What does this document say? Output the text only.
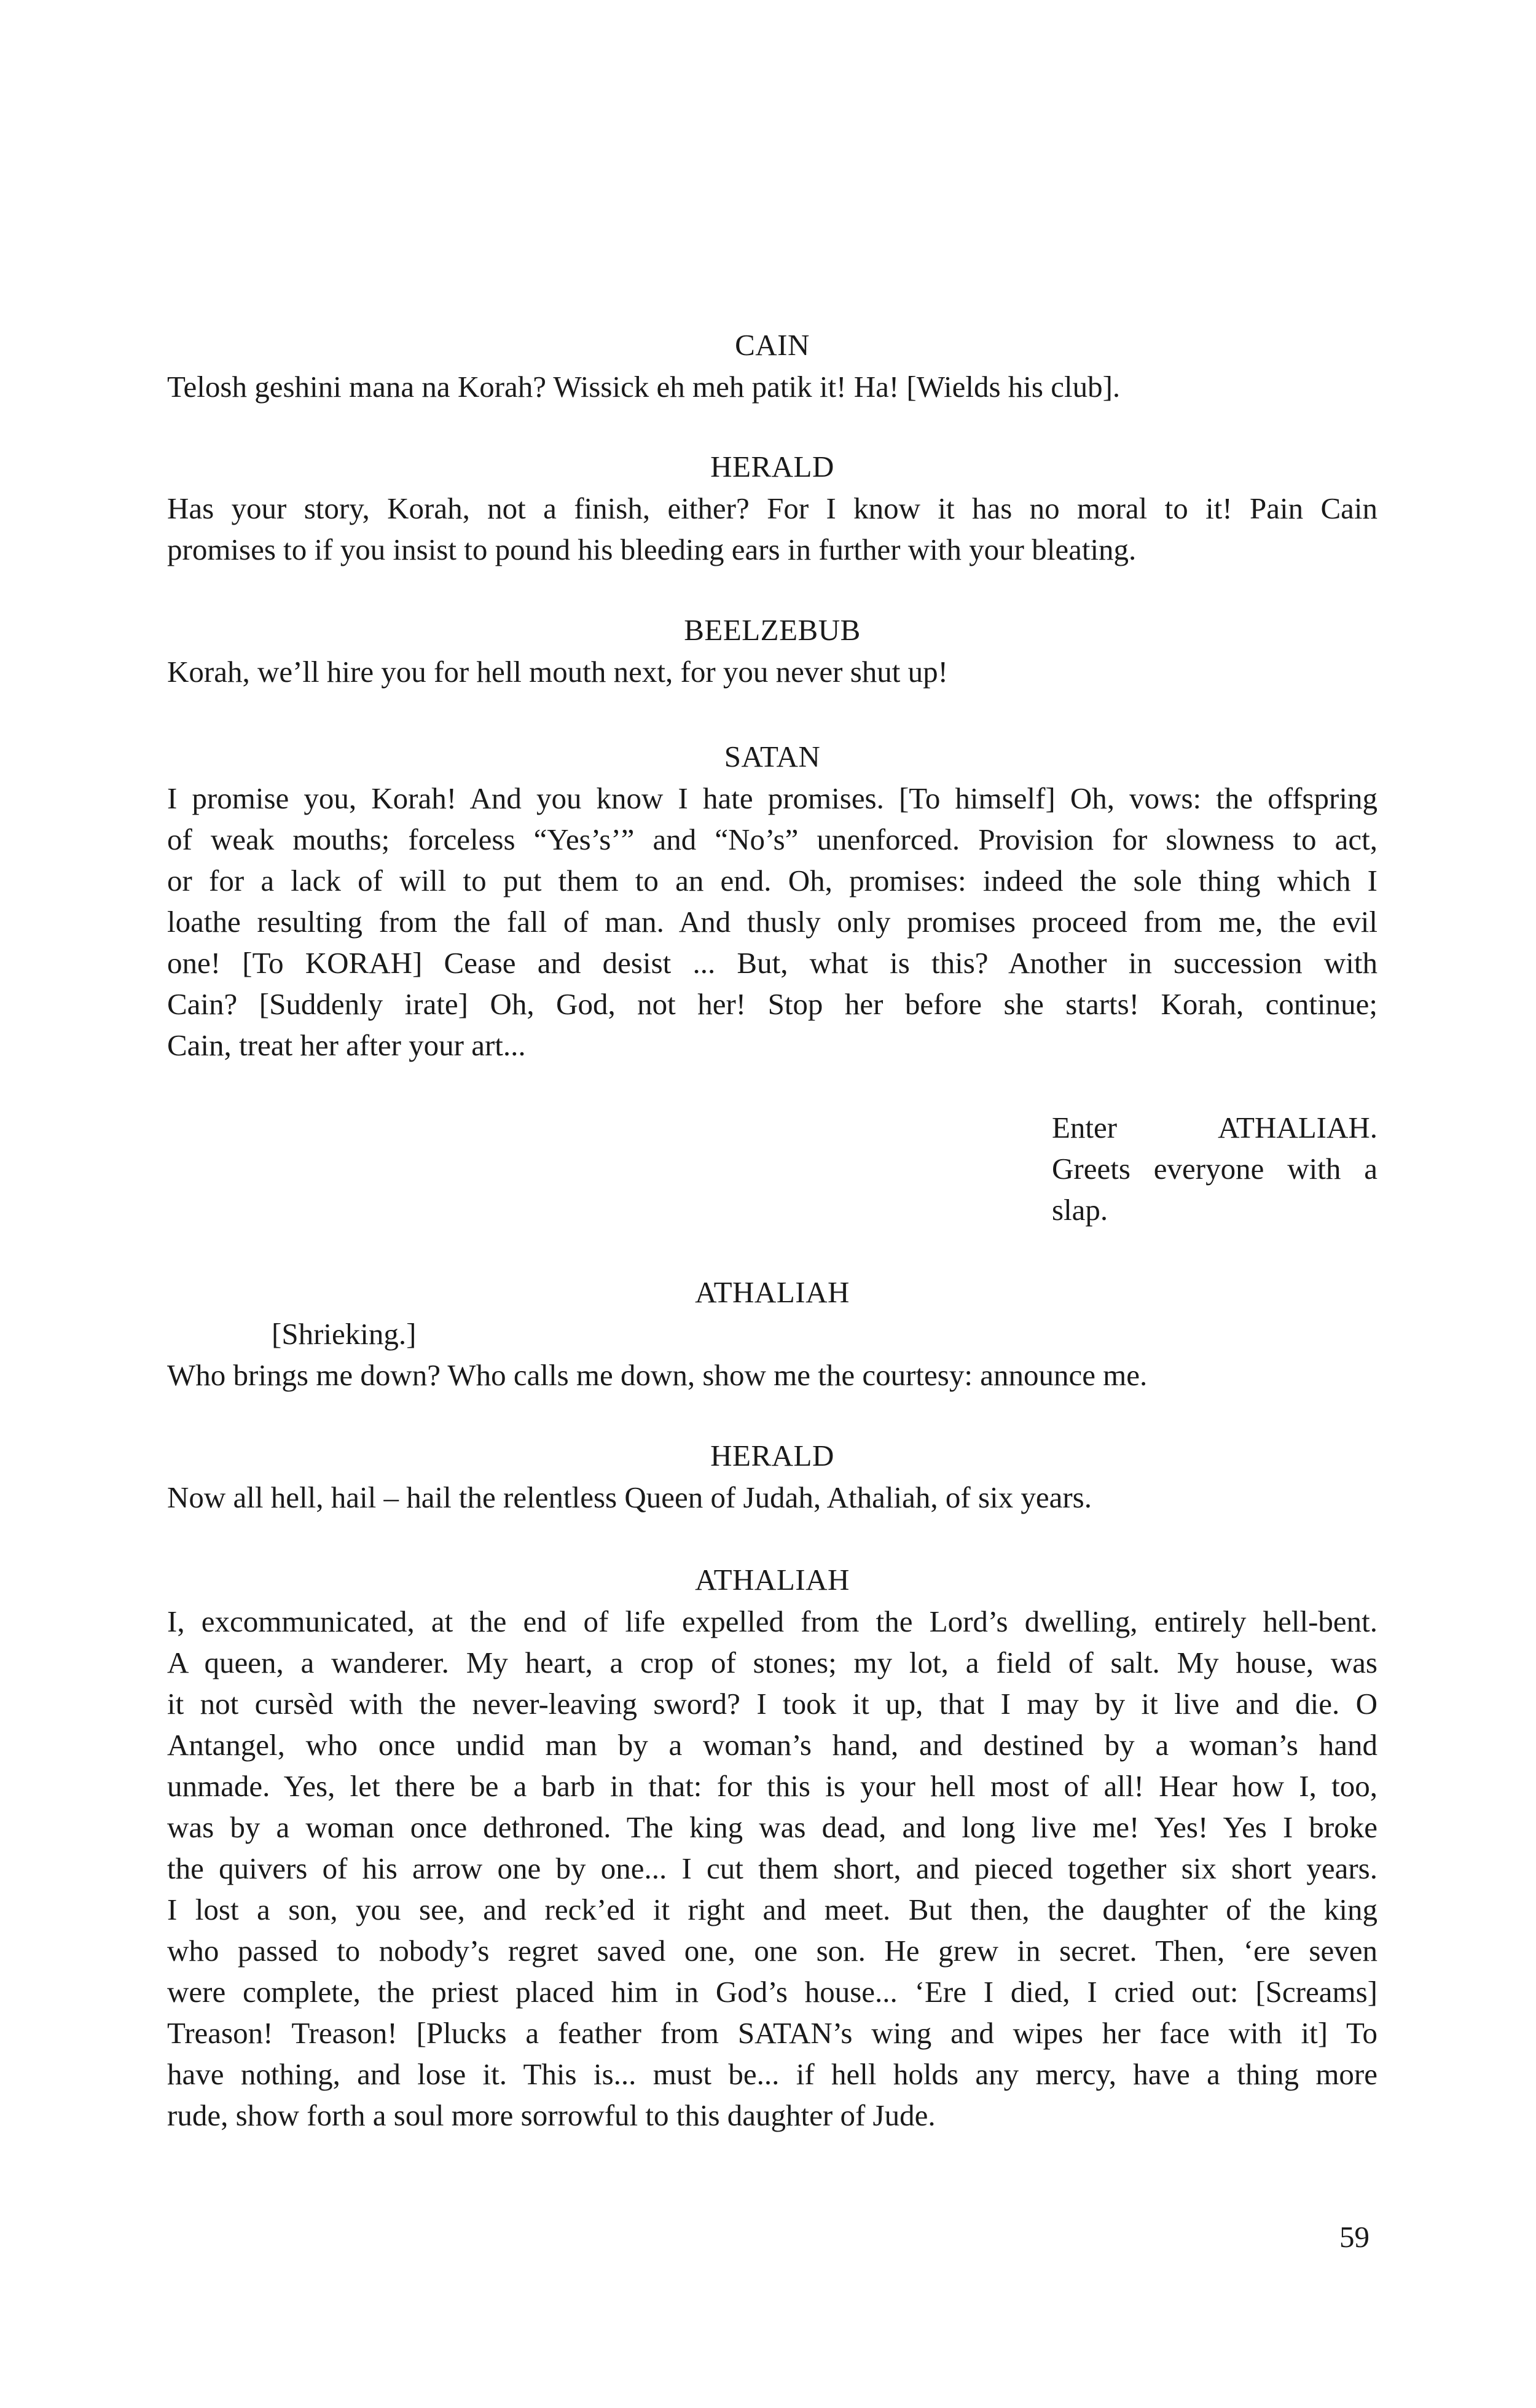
CAIN

Telosh geshini mana na Korah? Wissick eh meh patik it! Ha! [Wields his club].

HERALD

Has your story, Korah, not a finish, either? For I know it has no moral to it! Pain Cain

promises to if you insist to pound his bleeding ears in further with your bleating.

BEELZEBUB

Korah, we’ll hire you for hell mouth next, for you never shut up!

SATAN

I promise you, Korah! And you know I hate promises. [To himself] Oh, vows: the offspring

of weak mouths; forceless “Yes’s’” and “No’s” unenforced. Provision for slowness to act,

or for a lack of will to put them to an end. Oh, promises: indeed the sole thing which I

loathe resulting from the fall of man. And thusly only promises proceed from me, the evil

one! [To KORAH] Cease and desist ... But, what is this? Another in succession with

Cain? [Suddenly irate] Oh, God, not her! Stop her before she starts! Korah, continue;

Cain, treat her after your art...

Enter ATHALIAH.
Greets everyone with a
slap.

ATHALIAH

[Shrieking.]

Who brings me down? Who calls me down, show me the courtesy: announce me.

HERALD

Now all hell, hail – hail the relentless Queen of Judah, Athaliah, of six years.

ATHALIAH

I, excommunicated, at the end of life expelled from the Lord’s dwelling, entirely hell-bent.

A queen, a wanderer. My heart, a crop of stones; my lot, a field of salt. My house, was

it not cursèd with the never-leaving sword? I took it up, that I may by it live and die. O

Antangel, who once undid man by a woman’s hand, and destined by a woman’s hand

unmade. Yes, let there be a barb in that: for this is your hell most of all! Hear how I, too,

was by a woman once dethroned. The king was dead, and long live me! Yes! Yes I broke

the quivers of his arrow one by one... I cut them short, and pieced together six short years.

I lost a son, you see, and reck’ed it right and meet. But then, the daughter of the king

who passed to nobody’s regret saved one, one son. He grew in secret. Then, ‘ere seven

were complete, the priest placed him in God’s house... ‘Ere I died, I cried out: [Screams]

Treason! Treason! [Plucks a feather from SATAN’s wing and wipes her face with it] To

have nothing, and lose it. This is... must be... if hell holds any mercy, have a thing more

rude, show forth a soul more sorrowful to this daughter of Jude.

59
